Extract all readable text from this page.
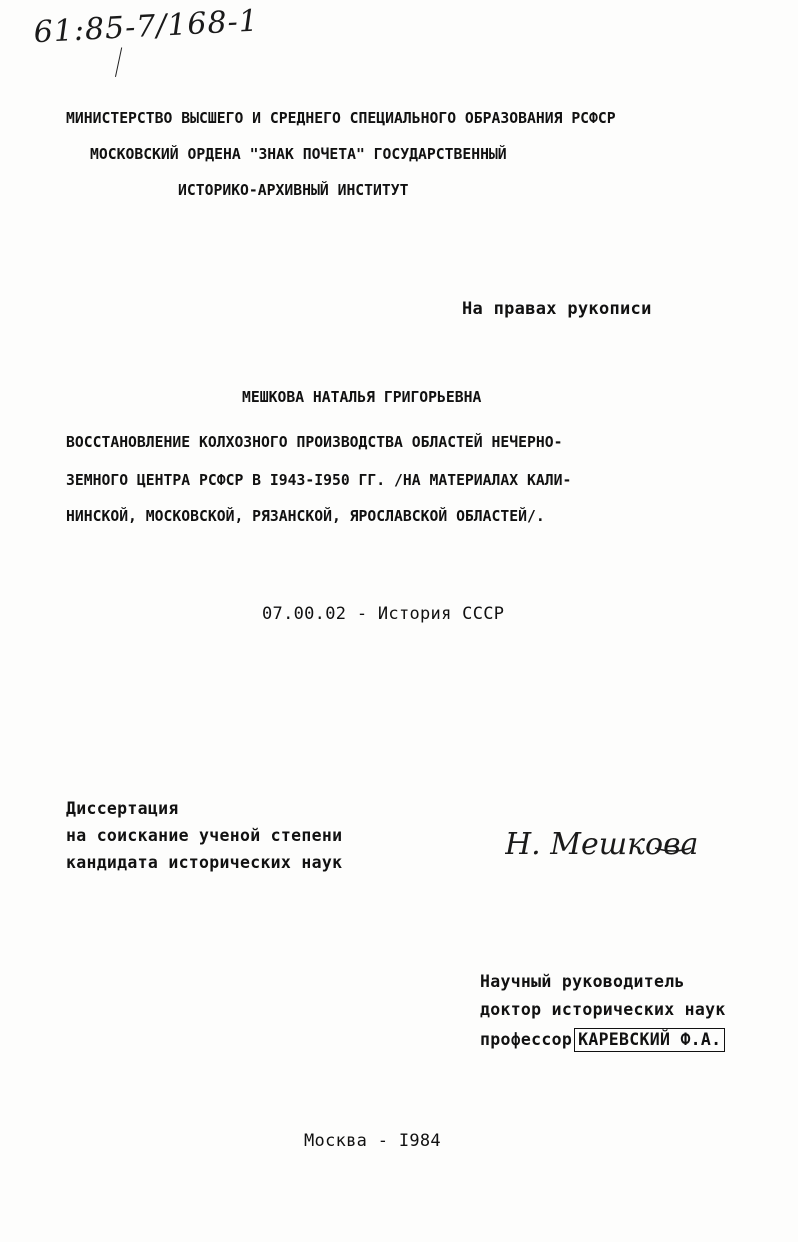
61:85-7/168-1
МИНИСТЕРСТВО ВЫСШЕГО И СРЕДНЕГО СПЕЦИАЛЬНОГО ОБРАЗОВАНИЯ РСФСР
МОСКОВСКИЙ ОРДЕНА "ЗНАК ПОЧЕТА" ГОСУДАРСТВЕННЫЙ
ИСТОРИКО-АРХИВНЫЙ ИНСТИТУТ
На правах рукописи
МЕШКОВА НАТАЛЬЯ ГРИГОРЬЕВНА
ВОССТАНОВЛЕНИЕ КОЛХОЗНОГО ПРОИЗВОДСТВА ОБЛАСТЕЙ НЕЧЕРНО-
ЗЕМНОГО ЦЕНТРА РСФСР В I943-I950 ГГ. /НА МАТЕРИАЛАХ КАЛИ-
НИНСКОЙ, МОСКОВСКОЙ, РЯЗАНСКОЙ, ЯРОСЛАВСКОЙ ОБЛАСТЕЙ/.
07.00.02 - История СССР
Диссертация
на соискание ученой степени
кандидата исторических наук
Н. Мешкова
Научный руководитель
доктор исторических наук
профессор КАРЕВСКИЙ Ф.А.
Москва - I984
